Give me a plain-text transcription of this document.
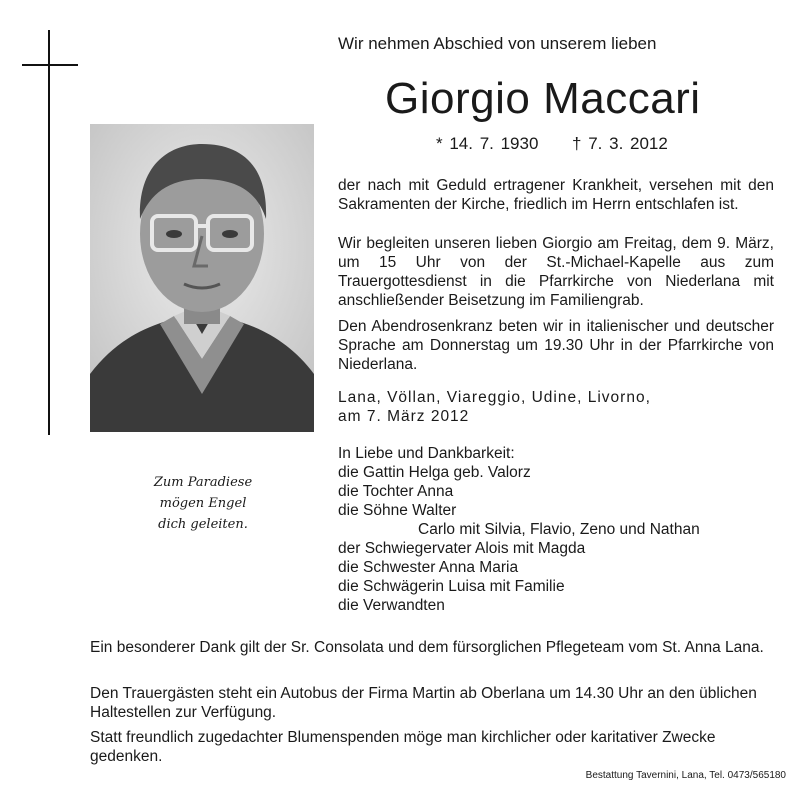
Wir nehmen Abschied von unserem lieben
Giorgio Maccari
* 14. 7. 1930 † 7. 3. 2012
Zum Paradiese
mögen Engel
dich geleiten.
der nach mit Geduld ertragener Krankheit, versehen mit den Sakramenten der Kirche, friedlich im Herrn entschlafen ist.
Wir begleiten unseren lieben Giorgio am Freitag, dem 9. März, um 15 Uhr von der St.-Michael-Kapelle aus zum Trauergottesdienst in die Pfarrkirche von Niederlana mit anschließender Beisetzung im Familiengrab.
Den Abendrosenkranz beten wir in italienischer und deutscher Sprache am Donnerstag um 19.30 Uhr in der Pfarrkirche von Niederlana.

Lana, Völlan, Viareggio, Udine, Livorno,

am 7. März 2012

In Liebe und Dankbarkeit:

die Gattin Helga geb. Valorz

die Tochter Anna

die Söhne Walter

Carlo mit Silvia, Flavio, Zeno und Nathan

der Schwiegervater Alois mit Magda

die Schwester Anna Maria

die Schwägerin Luisa mit Familie

die Verwandten

Ein besonderer Dank gilt der Sr. Consolata und dem fürsorglichen Pflegeteam vom St. Anna Lana.
Den Trauergästen steht ein Autobus der Firma Martin ab Oberlana um 14.30 Uhr an den üblichen Haltestellen zur Verfügung.
Statt freundlich zugedachter Blumenspenden möge man kirchlicher oder karitativer Zwecke gedenken.
Bestattung Tavernini, Lana, Tel. 0473/565180
